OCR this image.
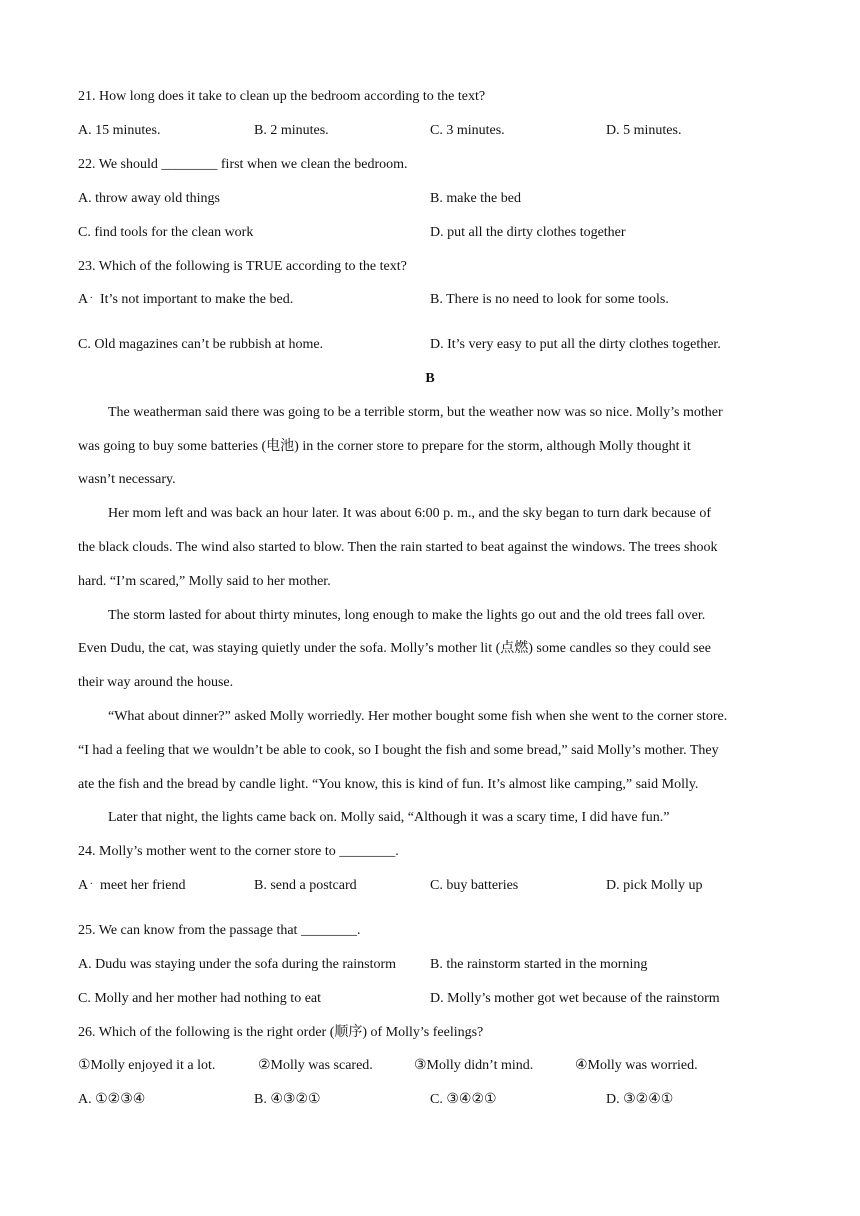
21. How long does it take to clean up the bedroom according to the text?
A. 15 minutes.	B. 2 minutes.	C. 3 minutes.	D. 5 minutes.
22. We should ________ first when we clean the bedroom.
A. throw away old things	B. make the bed
C. find tools for the clean work	D. put all the dirty clothes together
23. Which of the following is TRUE according to the text?
A . It’s not important to make the bed.	B. There is no need to look for some tools.
C. Old magazines can’t be rubbish at home.	D. It’s very easy to put all the dirty clothes together.
B
The weatherman said there was going to be a terrible storm, but the weather now was so nice. Molly’s mother
was going to buy some batteries (电池) in the corner store to prepare for the storm, although Molly thought it
wasn’t necessary.
Her mom left and was back an hour later. It was about 6:00 p. m., and the sky began to turn dark because of
the black clouds. The wind also started to blow. Then the rain started to beat against the windows. The trees shook
hard. “I’m scared,” Molly said to her mother.
The storm lasted for about thirty minutes, long enough to make the lights go out and the old trees fall over.
Even Dudu, the cat, was staying quietly under the sofa. Molly’s mother lit (点燃) some candles so they could see
their way around the house.
“What about dinner?” asked Molly worriedly. Her mother bought some fish when she went to the corner store.
“I had a feeling that we wouldn’t be able to cook, so I bought the fish and some bread,” said Molly’s mother. They
ate the fish and the bread by candle light. “You know, this is kind of fun. It’s almost like camping,” said Molly.
Later that night, the lights came back on. Molly said, “Although it was a scary time, I did have fun.”
24. Molly’s mother went to the corner store to ________.
A . meet her friend	B. send a postcard	C. buy batteries	D. pick Molly up
25. We can know from the passage that ________.
A. Dudu was staying under the sofa during the rainstorm B. the rainstorm started in the morning
C. Molly and her mother had nothing to eat	D. Molly’s mother got wet because of the rainstorm
26. Which of the following is the right order (顺序) of Molly’s feelings?
①Molly enjoyed it a lot.	②Molly was scared.	③Molly didn’t mind.	④Molly was worried.
A. ①②③④	B. ④③②①	C. ③④②①	D. ③②④①
